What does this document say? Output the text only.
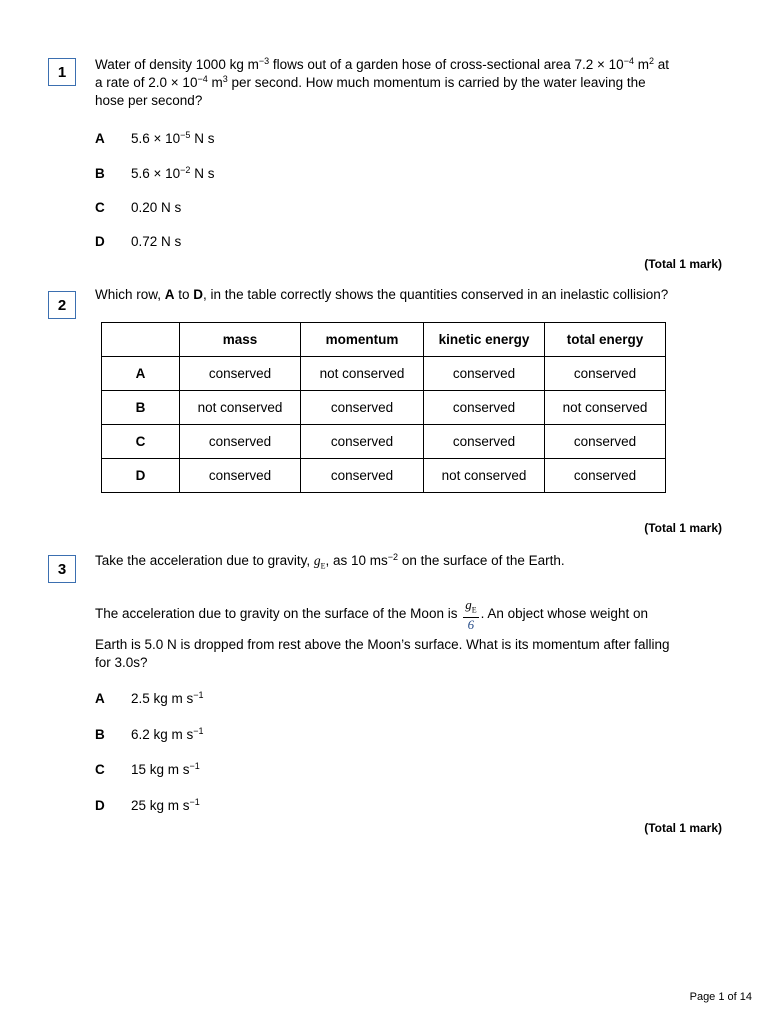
1	Water of density 1000 kg $m^{-3}$ flows out of a garden hose of cross-sectional area $7.2 \times 10^{-4}$ $m^2$ at
a rate of $2.0 \times 10^{-4}$ $m^3$ per second. How much momentum is carried by the water leaving the
hose per second?
A $5.6 \times 10^{-5}$ N s
B $5.6 \times 10^{-2}$ N s
C 0.20 N s
D 0.72 N s
(Total 1 mark)
2
Which row, A to D, in the table correctly shows the quantities conserved in an inelastic collision?
	mass	momentum	kinetic energy	total energy
A	conserved	not conserved	conserved	conserved
B	not conserved	conserved	conserved	not conserved
C	conserved	conserved	conserved	conserved
D	conserved	conserved	not conserved	conserved
(Total 1 mark)
3	Take the acceleration due to gravity, $g_E$, as 10 $ms^{-2}$ on the surface of the Earth.
The acceleration due to gravity on the surface of the Moon is $\frac{g_E}{6}$ . An object whose weight on
Earth is 5.0 N is dropped from rest above the Moon’s surface. What is its momentum after falling
for 3.0s?
A 2.5 kg m $s^{-1}$
B 6.2 kg m $s^{-1}$
C 15 kg m $s^{-1}$
D 25 kg m $s^{-1}$
(Total 1 mark)
Page 1 of 14
